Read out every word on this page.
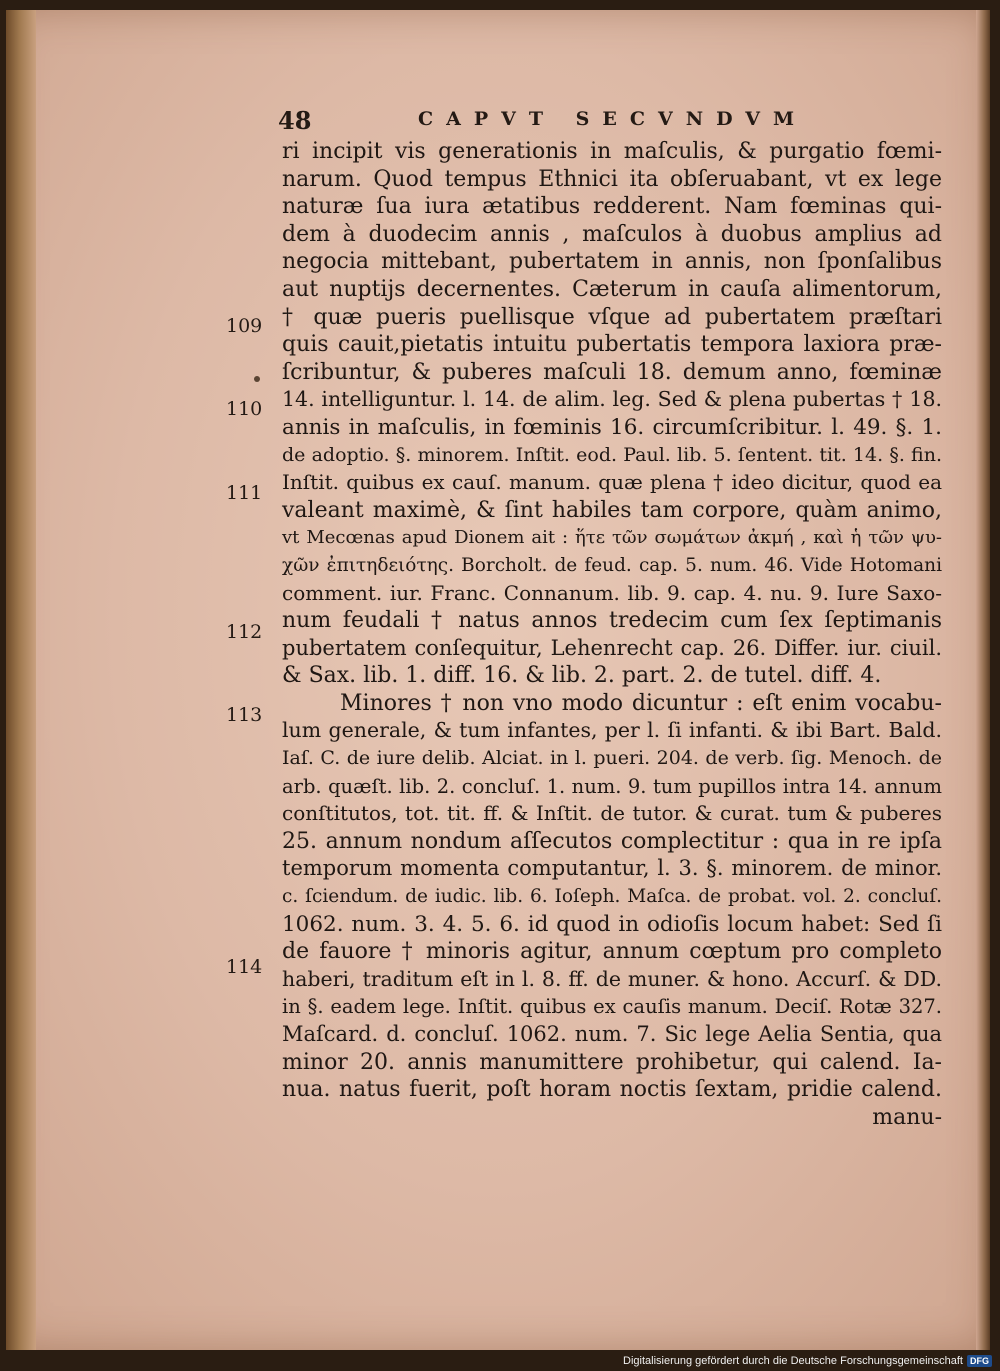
48	CAPVT SECVNDVM
109
110
111
112
113
114
ri incipit vis generationis in maſculis, & purgatio fœmi-
narum. Quod tempus Ethnici ita obſeruabant, vt ex lege
naturæ ſua iura ætatibus redderent. Nam fœminas qui-
dem à duodecim annis , maſculos à duobus amplius ad
negocia mittebant, pubertatem in annis, non ſponſalibus
aut nuptijs decernentes. Cæterum in cauſa alimentorum,
† quæ pueris puellisque vſque ad pubertatem præſtari
quis cauit,pietatis intuitu pubertatis tempora laxiora præ-
ſcribuntur, & puberes maſculi 18. demum anno, fœminæ
14. intelliguntur. l. 14. de alim. leg. Sed & plena pubertas † 18.
annis in maſculis, in fœminis 16. circumſcribitur. l. 49. §. 1.
de adoptio. §. minorem. Inſtit. eod. Paul. lib. 5. ſentent. tit. 14. §. fin.
Inſtit. quibus ex cauſ. manum. quæ plena † ideo dicitur, quod ea
valeant maximè, & ſint habiles tam corpore, quàm animo,
vt Mecœnas apud Dionem ait : ἥτε τῶν σωμάτων ἀκμή , καὶ ἡ τῶν ψυ-
χῶν ἐπιτηδειότης. Borcholt. de feud. cap. 5. num. 46. Vide Hotomani
comment. iur. Franc. Connanum. lib. 9. cap. 4. nu. 9. Iure Saxo-
num feudali † natus annos tredecim cum ſex ſeptimanis
pubertatem conſequitur, Lehenrecht cap. 26. Differ. iur. ciuil.
& Sax. lib. 1. diff. 16. & lib. 2. part. 2. de tutel. diff. 4.
Minores † non vno modo dicuntur : eſt enim vocabu-
lum generale, & tum infantes, per l. ſi infanti. & ibi Bart. Bald.
Iaſ. C. de iure delib. Alciat. in l. pueri. 204. de verb. ſig. Menoch. de
arb. quæſt. lib. 2. concluſ. 1. num. 9. tum pupillos intra 14. annum
conſtitutos, tot. tit. ff. & Inſtit. de tutor. & curat. tum & puberes
25. annum nondum aſſecutos complectitur : qua in re ipſa
temporum momenta computantur, l. 3. §. minorem. de minor.
c. ſciendum. de iudic. lib. 6. Ioſeph. Maſca. de probat. vol. 2. concluſ.
1062. num. 3. 4. 5. 6. id quod in odioſis locum habet: Sed ſi
de fauore † minoris agitur, annum cœptum pro completo
haberi, traditum eſt in l. 8. ff. de muner. & hono. Accurſ. & DD.
in §. eadem lege. Inſtit. quibus ex cauſis manum. Deciſ. Rotæ 327.
Maſcard. d. concluſ. 1062. num. 7. Sic lege Aelia Sentia, qua
minor 20. annis manumittere prohibetur, qui calend. Ia-
nua. natus fuerit, poſt horam noctis ſextam, pridie calend.
manu-
Digitalisierung gefördert durch die Deutsche Forschungsgemeinschaft DFG
